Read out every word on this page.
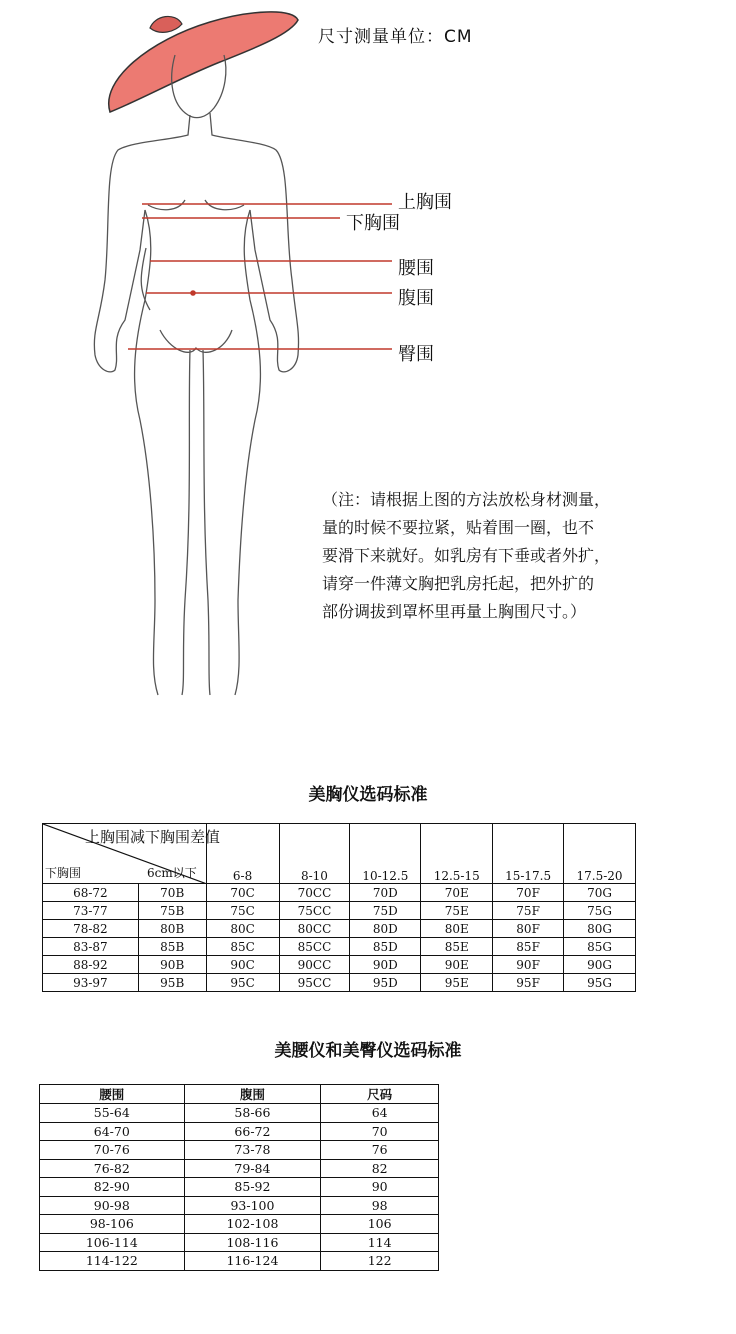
尺寸测量单位：CM
上胸围
下胸围
腰围
腹围
臀围
（注：请根据上图的方法放松身材测量，
量的时候不要拉紧，贴着围一圈，也不
要滑下来就好。如乳房有下垂或者外扩，
请穿一件薄文胸把乳房托起，把外扩的
部份调拔到罩杯里再量上胸围尺寸。）
美胸仪选码标准
上胸围减下胸围差值
下胸围 6cm以下		6-8	8-10	10-12.5	12.5-15	15-17.5	17.5-20
68-72	70B	70C	70CC	70D	70E	70F	70G
73-77	75B	75C	75CC	75D	75E	75F	75G
78-82	80B	80C	80CC	80D	80E	80F	80G
83-87	85B	85C	85CC	85D	85E	85F	85G
88-92	90B	90C	90CC	90D	90E	90F	90G
93-97	95B	95C	95CC	95D	95E	95F	95G
美腰仪和美臀仪选码标准
腰围	腹围	尺码
55-64	58-66	64
64-70	66-72	70
70-76	73-78	76
76-82	79-84	82
82-90	85-92	90
90-98	93-100	98
98-106	102-108	106
106-114	108-116	114
114-122	116-124	122
